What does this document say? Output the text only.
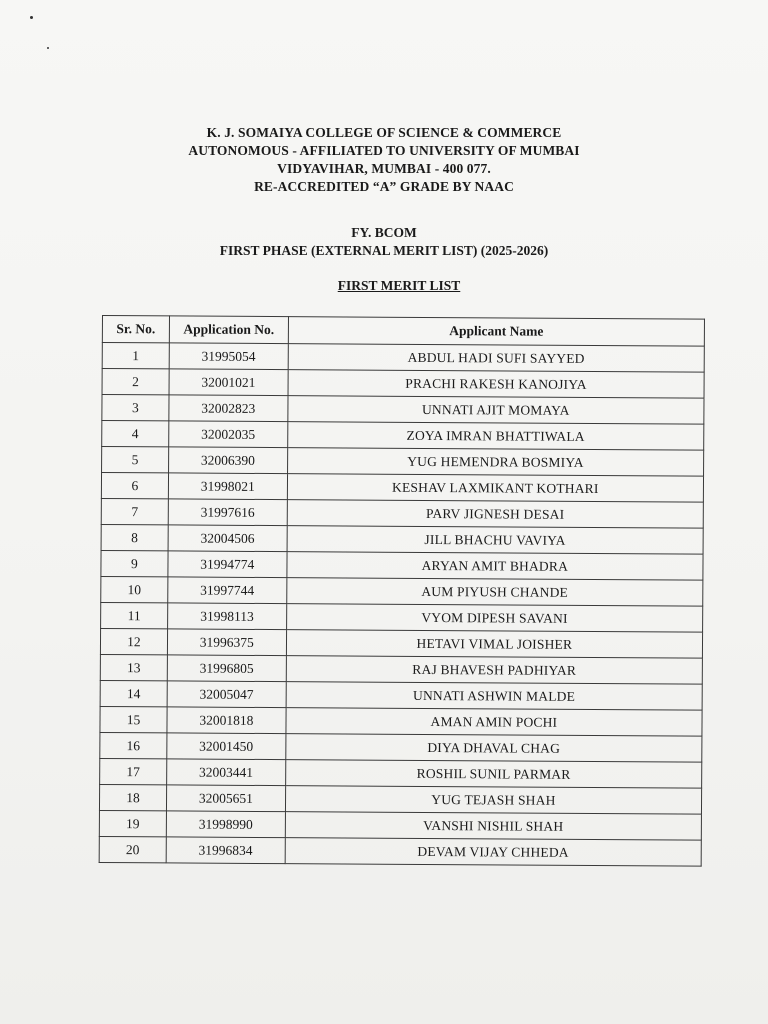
K. J. SOMAIYA COLLEGE OF SCIENCE & COMMERCE
AUTONOMOUS - AFFILIATED TO UNIVERSITY OF MUMBAI
VIDYAVIHAR, MUMBAI - 400 077.
RE-ACCREDITED “A” GRADE BY NAAC
FY. BCOM
FIRST PHASE (EXTERNAL MERIT LIST) (2025-2026)
FIRST MERIT LIST
Sr. No.	Application No.	Applicant Name
1	31995054	ABDUL HADI SUFI SAYYED
2	32001021	PRACHI RAKESH KANOJIYA
3	32002823	UNNATI AJIT MOMAYA
4	32002035	ZOYA IMRAN BHATTIWALA
5	32006390	YUG HEMENDRA BOSMIYA
6	31998021	KESHAV LAXMIKANT KOTHARI
7	31997616	PARV JIGNESH DESAI
8	32004506	JILL BHACHU VAVIYA
9	31994774	ARYAN AMIT BHADRA
10	31997744	AUM PIYUSH CHANDE
11	31998113	VYOM DIPESH SAVANI
12	31996375	HETAVI VIMAL JOISHER
13	31996805	RAJ BHAVESH PADHIYAR
14	32005047	UNNATI ASHWIN MALDE
15	32001818	AMAN AMIN POCHI
16	32001450	DIYA DHAVAL CHAG
17	32003441	ROSHIL SUNIL PARMAR
18	32005651	YUG TEJASH SHAH
19	31998990	VANSHI NISHIL SHAH
20	31996834	DEVAM VIJAY CHHEDA
